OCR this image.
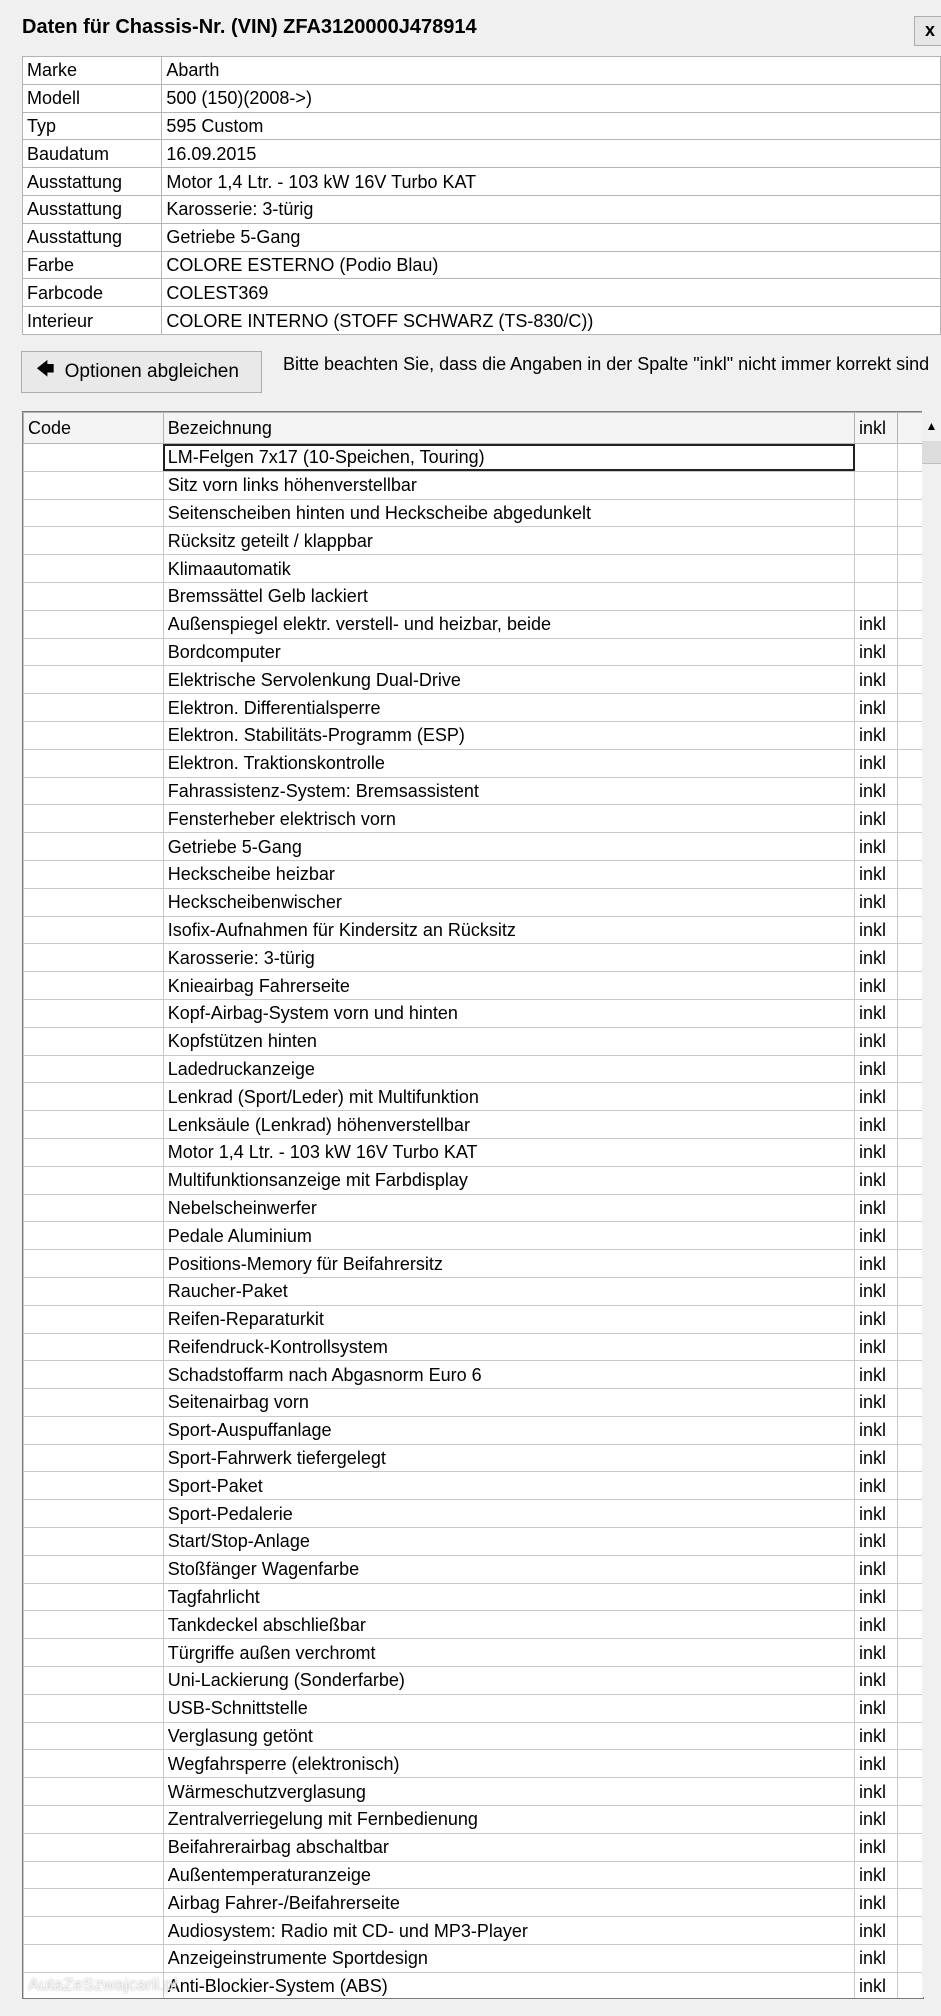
Daten für Chassis-Nr. (VIN) ZFA3120000J478914	x
Marke	Abarth
Modell	500 (150)(2008->)
Typ	595 Custom
Baudatum	16.09.2015
Ausstattung	Motor 1,4 Ltr. - 103 kW 16V Turbo KAT
Ausstattung	Karosserie: 3-türig
Ausstattung	Getriebe 5-Gang
Farbe	COLORE ESTERNO (Podio Blau)
Farbcode	COLEST369
Interieur	COLORE INTERNO (STOFF SCHWARZ (TS-830/C))
🡄 Optionen abgleichen Bitte beachten Sie, dass die Angaben in der Spalte "inkl" nicht immer korrekt sind
Code	Bezeichnung	inkl	
	LM-Felgen 7x17 (10-Speichen, Touring)		
	Sitz vorn links höhenverstellbar		
	Seitenscheiben hinten und Heckscheibe abgedunkelt		
	Rücksitz geteilt / klappbar		
	Klimaautomatik		
	Bremssättel Gelb lackiert		
	Außenspiegel elektr. verstell- und heizbar, beide	inkl	
	Bordcomputer	inkl	
	Elektrische Servolenkung Dual-Drive	inkl	
	Elektron. Differentialsperre	inkl	
	Elektron. Stabilitäts-Programm (ESP)	inkl	
	Elektron. Traktionskontrolle	inkl	
	Fahrassistenz-System: Bremsassistent	inkl	
	Fensterheber elektrisch vorn	inkl	
	Getriebe 5-Gang	inkl	
	Heckscheibe heizbar	inkl	
	Heckscheibenwischer	inkl	
	Isofix-Aufnahmen für Kindersitz an Rücksitz	inkl	
	Karosserie: 3-türig	inkl	
	Knieairbag Fahrerseite	inkl	
	Kopf-Airbag-System vorn und hinten	inkl	
	Kopfstützen hinten	inkl	
	Ladedruckanzeige	inkl	
	Lenkrad (Sport/Leder) mit Multifunktion	inkl	
	Lenksäule (Lenkrad) höhenverstellbar	inkl	
	Motor 1,4 Ltr. - 103 kW 16V Turbo KAT	inkl	
	Multifunktionsanzeige mit Farbdisplay	inkl	
	Nebelscheinwerfer	inkl	
	Pedale Aluminium	inkl	
	Positions-Memory für Beifahrersitz	inkl	
	Raucher-Paket	inkl	
	Reifen-Reparaturkit	inkl	
	Reifendruck-Kontrollsystem	inkl	
	Schadstoffarm nach Abgasnorm Euro 6	inkl	
	Seitenairbag vorn	inkl	
	Sport-Auspuffanlage	inkl	
	Sport-Fahrwerk tiefergelegt	inkl	
	Sport-Paket	inkl	
	Sport-Pedalerie	inkl	
	Start/Stop-Anlage	inkl	
	Stoßfänger Wagenfarbe	inkl	
	Tagfahrlicht	inkl	
	Tankdeckel abschließbar	inkl	
	Türgriffe außen verchromt	inkl	
	Uni-Lackierung (Sonderfarbe)	inkl	
	USB-Schnittstelle	inkl	
	Verglasung getönt	inkl	
	Wegfahrsperre (elektronisch)	inkl	
	Wärmeschutzverglasung	inkl	
	Zentralverriegelung mit Fernbedienung	inkl	
	Beifahrerairbag abschaltbar	inkl	
	Außentemperaturanzeige	inkl	
	Airbag Fahrer-/Beifahrerseite	inkl	
	Audiosystem: Radio mit CD- und MP3-Player	inkl	
	Anzeigeinstrumente Sportdesign	inkl	
	Anti-Blockier-System (ABS)	inkl	
▲
AutaZeSzwajcarii.pl
